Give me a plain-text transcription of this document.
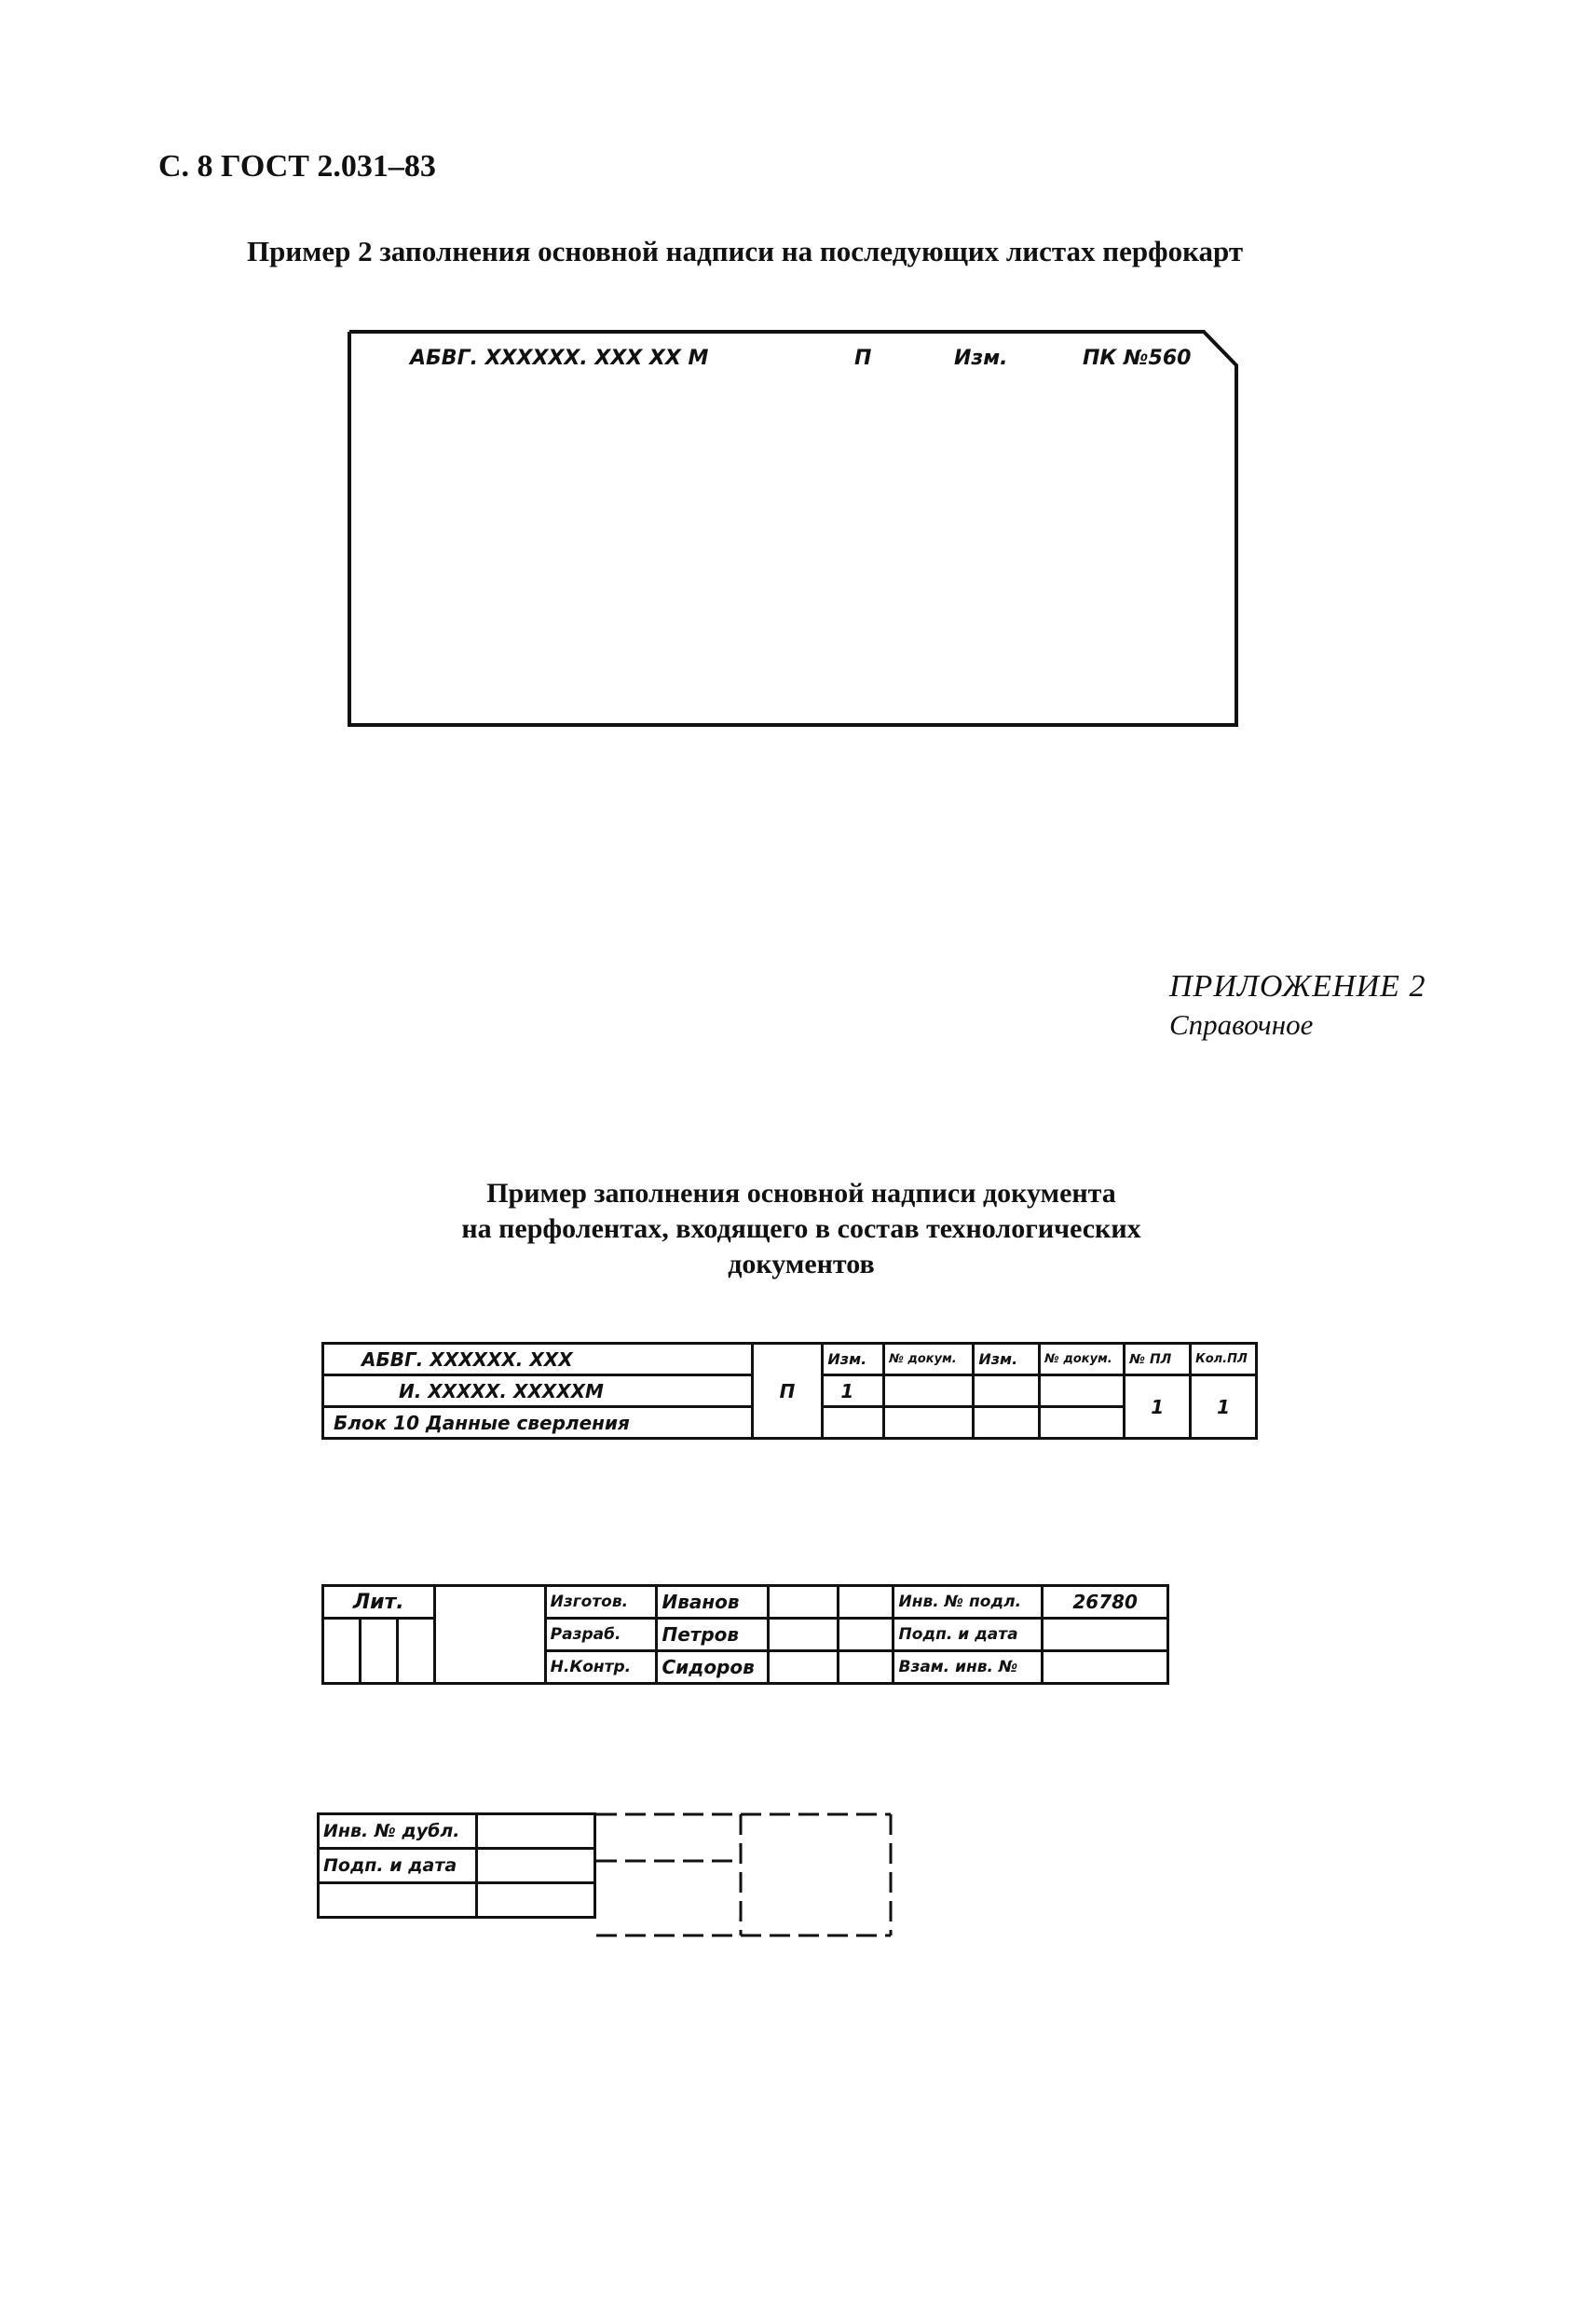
С. 8 ГОСТ 2.031–83
Пример 2 заполнения основной надписи на последующих листах перфокарт
АБВГ. XXXXXX. XXX XX M	П	Изм.	ПК №560
ПРИЛОЖЕНИЕ 2
Справочное
Пример заполнения основной надписи документа
на перфолентах, входящего в состав технологических
документов
АБВГ. XXXXXX. XXX	П	Изм.	№ докум.	Изм.	№ докум.	№ ПЛ	Кол.ПЛ
И. XXXXX. XXXXXM		1				1	1
Блок 10 Данные сверления							
Лит.				Изготов.	Иванов			Инв. № подл.	26780
				Разраб.	Петров			Подп. и дата	
				Н.Контр.	Сидоров			Взам. инв. №	
Инв. № дубл.	
Подп. и дата	
